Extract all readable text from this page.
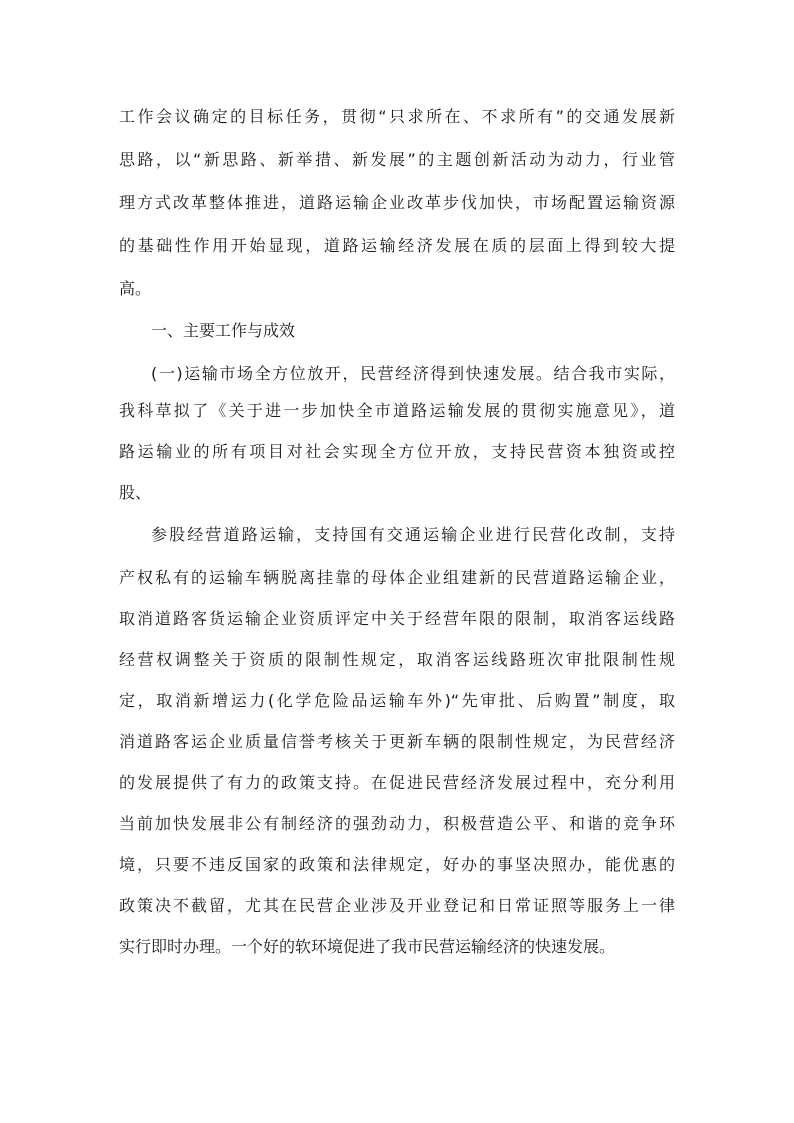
工作会议确定的目标任务，贯彻“只求所在、不求所有”的交通发展新
思路，以“新思路、新举措、新发展”的主题创新活动为动力，行业管
理方式改革整体推进，道路运输企业改革步伐加快，市场配置运输资源
的基础性作用开始显现，道路运输经济发展在质的层面上得到较大提
高。
一、主要工作与成效
(一)运输市场全方位放开，民营经济得到快速发展。结合我市实际，
我科草拟了《关于进一步加快全市道路运输发展的贯彻实施意见》，道
路运输业的所有项目对社会实现全方位开放，支持民营资本独资或控
股、
参股经营道路运输，支持国有交通运输企业进行民营化改制，支持
产权私有的运输车辆脱离挂靠的母体企业组建新的民营道路运输企业，
取消道路客货运输企业资质评定中关于经营年限的限制，取消客运线路
经营权调整关于资质的限制性规定，取消客运线路班次审批限制性规
定，取消新增运力(化学危险品运输车外)“先审批、后购置”制度，取
消道路客运企业质量信誉考核关于更新车辆的限制性规定，为民营经济
的发展提供了有力的政策支持。在促进民营经济发展过程中，充分利用
当前加快发展非公有制经济的强劲动力，积极营造公平、和谐的竞争环
境，只要不违反国家的政策和法律规定，好办的事坚决照办，能优惠的
政策决不截留，尤其在民营企业涉及开业登记和日常证照等服务上一律
实行即时办理。一个好的软环境促进了我市民营运输经济的快速发展。
